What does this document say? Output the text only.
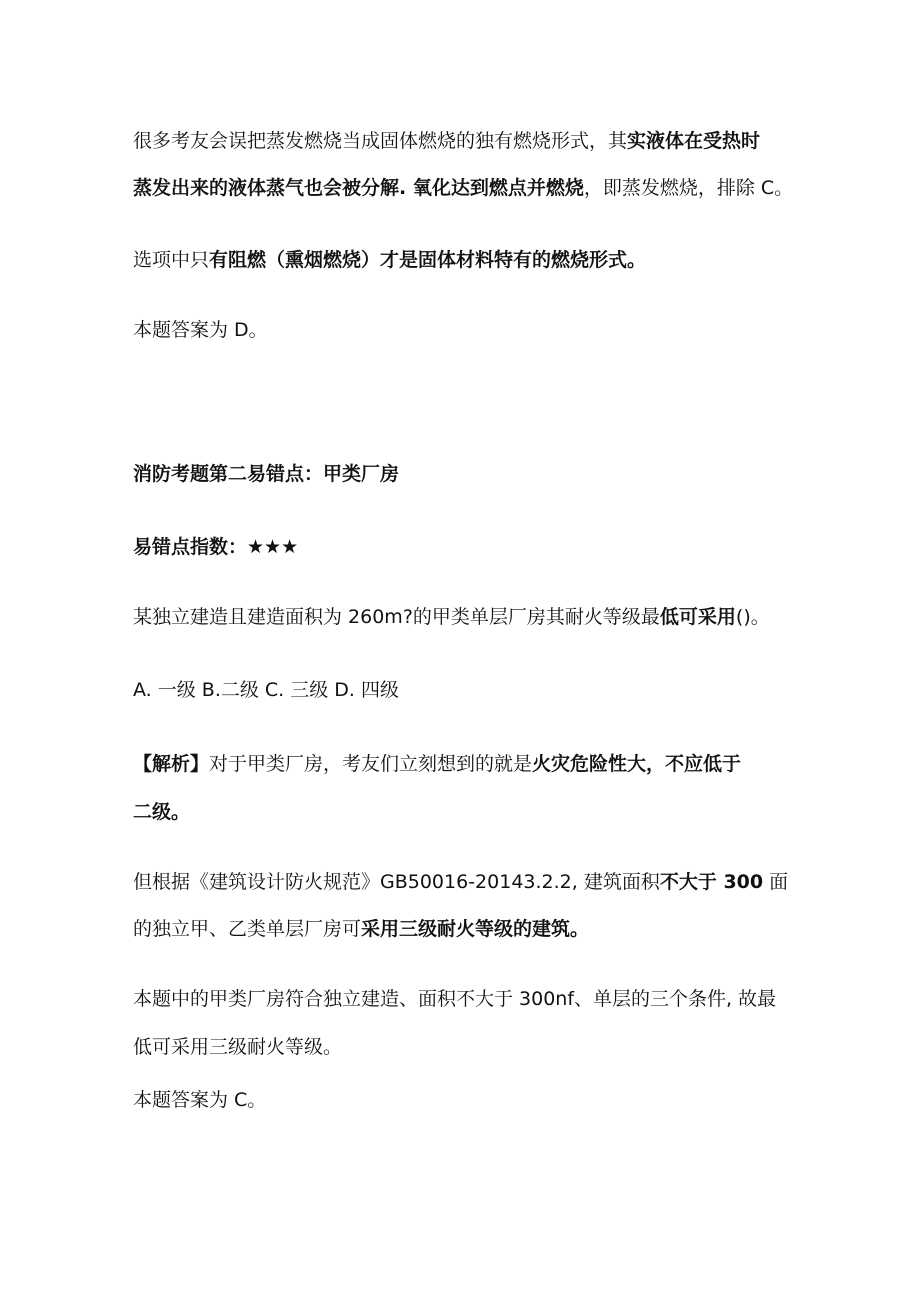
很多考友会误把蒸发燃烧当成固体燃烧的独有燃烧形式，其实液体在受热时
蒸发出来的液体蒸气也会被分解. 氧化达到燃点并燃烧，即蒸发燃烧，排除 C。
选项中只有阻燃（熏烟燃烧）才是固体材料特有的燃烧形式。
本题答案为 D。
消防考题第二易错点：甲类厂房
易错点指数：★★★
某独立建造且建造面积为 260m?的甲类单层厂房其耐火等级最低可采用()。
A. 一级 B.二级 C. 三级 D. 四级
【解析】对于甲类厂房，考友们立刻想到的就是火灾危险性大，不应低于
二级。
但根据《建筑设计防火规范》GB50016-20143.2.2, 建筑面积不大于 300 面
的独立甲、乙类单层厂房可采用三级耐火等级的建筑。
本题中的甲类厂房符合独立建造、面积不大于 300nf、单层的三个条件, 故最
低可采用三级耐火等级。
本题答案为 C。
